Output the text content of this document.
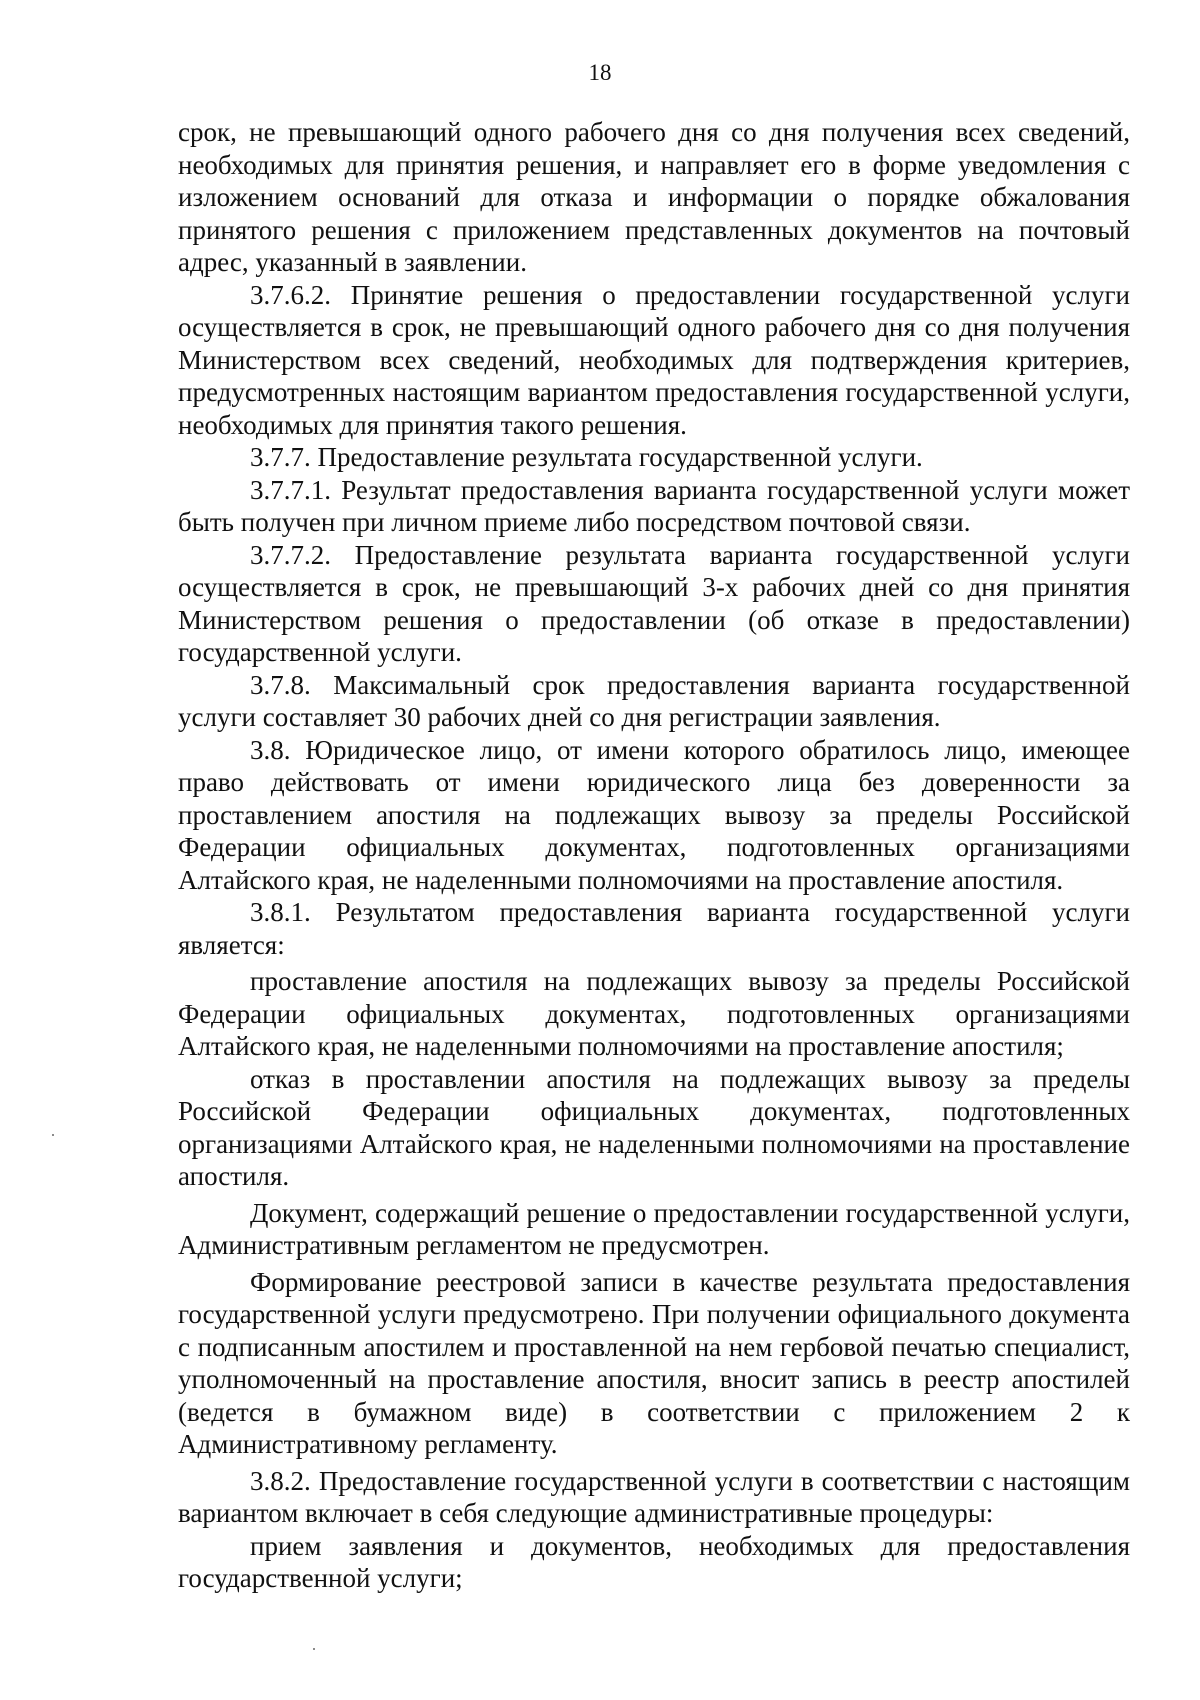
18

срок, не превышающий одного рабочего дня со дня получения всех сведений, необходимых для принятия решения, и направляет его в форме уведомления с изложением оснований для отказа и информации о порядке обжалования принятого решения с приложением представленных документов на почтовый адрес, указанный в заявлении.

3.7.6.2. Принятие решения о предоставлении государственной услуги осуществляется в срок, не превышающий одного рабочего дня со дня получения Министерством всех сведений, необходимых для подтверждения критериев, предусмотренных настоящим вариантом предоставления государственной услуги, необходимых для принятия такого решения.

3.7.7. Предоставление результата государственной услуги.

3.7.7.1. Результат предоставления варианта государственной услуги может быть получен при личном приеме либо посредством почтовой связи.

3.7.7.2. Предоставление результата варианта государственной услуги осуществляется в срок, не превышающий 3-х рабочих дней со дня принятия Министерством решения о предоставлении (об отказе в предоставлении) государственной услуги.

3.7.8. Максимальный срок предоставления варианта государственной услуги составляет 30 рабочих дней со дня регистрации заявления.

3.8. Юридическое лицо, от имени которого обратилось лицо, имеющее право действовать от имени юридического лица без доверенности за проставлением апостиля на подлежащих вывозу за пределы Российской Федерации официальных документах, подготовленных организациями Алтайского края, не наделенными полномочиями на проставление апостиля.

3.8.1. Результатом предоставления варианта государственной услуги является:

проставление апостиля на подлежащих вывозу за пределы Российской Федерации официальных документах, подготовленных организациями Алтайского края, не наделенными полномочиями на проставление апостиля;

отказ в проставлении апостиля на подлежащих вывозу за пределы Российской Федерации официальных документах, подготовленных организациями Алтайского края, не наделенными полномочиями на проставление апостиля.

Документ, содержащий решение о предоставлении государственной услуги, Административным регламентом не предусмотрен.

Формирование реестровой записи в качестве результата предоставления государственной услуги предусмотрено. При получении официального документа с подписанным апостилем и проставленной на нем гербовой печатью специалист, уполномоченный на проставление апостиля, вносит запись в реестр апостилей (ведется в бумажном виде) в соответствии с приложением 2 к Административному регламенту.

3.8.2. Предоставление государственной услуги в соответствии с настоящим вариантом включает в себя следующие административные процедуры:

прием заявления и документов, необходимых для предоставления государственной услуги;
